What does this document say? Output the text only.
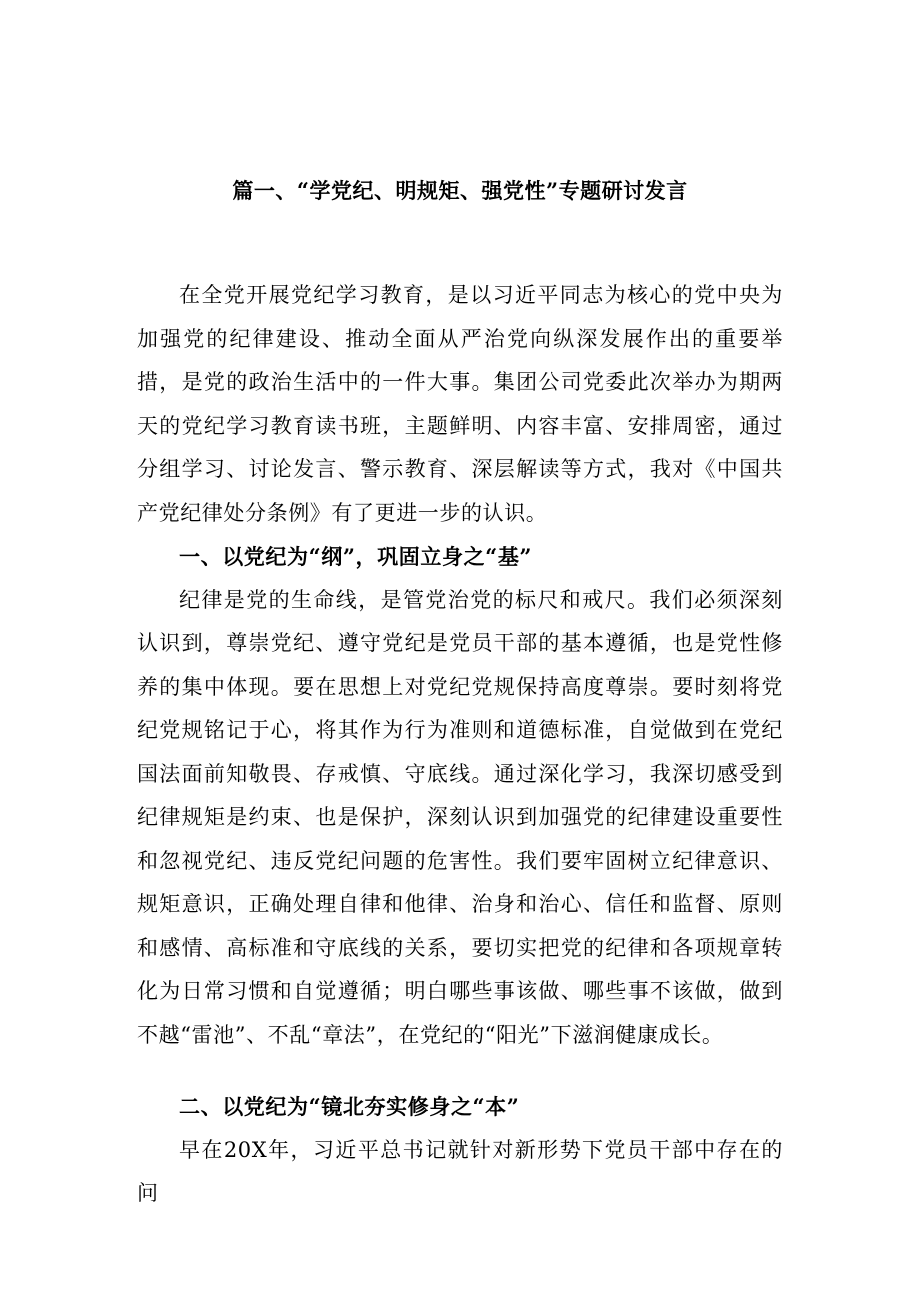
篇一、“学党纪、明规矩、强党性”专题研讨发言

在全党开展党纪学习教育，是以习近平同志为核心的党中央为加强党的纪律建设、推动全面从严治党向纵深发展作出的重要举措，是党的政治生活中的一件大事。集团公司党委此次举办为期两天的党纪学习教育读书班，主题鲜明、内容丰富、安排周密，通过分组学习、讨论发言、警示教育、深层解读等方式，我对《中国共产党纪律处分条例》有了更进一步的认识。

一、以党纪为“纲”，巩固立身之“基”

纪律是党的生命线，是管党治党的标尺和戒尺。我们必须深刻认识到，尊崇党纪、遵守党纪是党员干部的基本遵循，也是党性修养的集中体现。要在思想上对党纪党规保持高度尊崇。要时刻将党纪党规铭记于心，将其作为行为准则和道德标准，自觉做到在党纪国法面前知敬畏、存戒慎、守底线。通过深化学习，我深切感受到纪律规矩是约束、也是保护，深刻认识到加强党的纪律建设重要性和忽视党纪、违反党纪问题的危害性。我们要牢固树立纪律意识、规矩意识，正确处理自律和他律、治身和治心、信任和监督、原则和感情、高标准和守底线的关系，要切实把党的纪律和各项规章转化为日常习惯和自觉遵循；明白哪些事该做、哪些事不该做，做到不越“雷池”、不乱“章法”，在党纪的“阳光”下滋润健康成长。

二、以党纪为“镜北夯实修身之“本”

早在20X年，习近平总书记就针对新形势下党员干部中存在的问
